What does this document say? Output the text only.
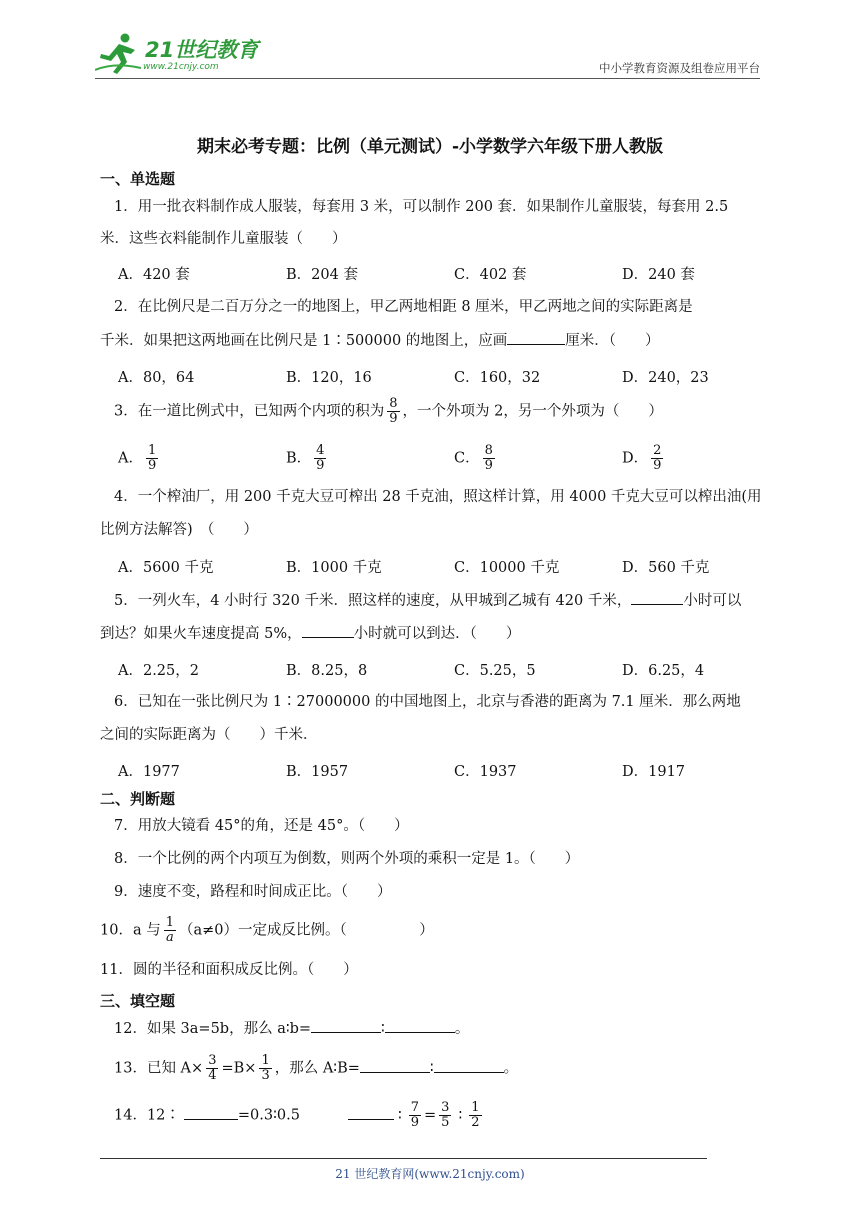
21世纪教育
www.21cnjy.com	中小学教育资源及组卷应用平台
期末必考专题：比例（单元测试）-小学数学六年级下册人教版
一、单选题
1．用一批衣料制作成人服装，每套用 3 米，可以制作 200 套．如果制作儿童服装，每套用 2.5
米．这些衣料能制作儿童服装（　　）
A．420 套	B．204 套	C．402 套	D．240 套
2．在比例尺是二百万分之一的地图上，甲乙两地相距 8 厘米，甲乙两地之间的实际距离是
千米．如果把这两地画在比例尺是 1∶500000 的地图上，应画	厘米．（　　）
A．80，64	B．120，16	C．160，32	D．240，23
3．在一道比例式中，已知两个内项的积为 $\frac{8}{9}$ ，一个外项为 2，另一个外项为（　　）
A． $\frac{1}{9}$	B． $\frac{4}{9}$	C． $\frac{8}{9}$	D． $\frac{2}{9}$
4．一个榨油厂，用 200 千克大豆可榨出 28 千克油，照这样计算，用 4000 千克大豆可以榨出油(用
比例方法解答)　（　　）
A．5600 千克	B．1000 千克	C．10000 千克	D．560 千克
5．一列火车，4 小时行 320 千米．照这样的速度，从甲城到乙城有 420 千米，	小时可以
到达？如果火车速度提高 5%，	小时就可以到达．（　　）
A．2.25，2	B．8.25，8	C．5.25，5	D．6.25，4
6．已知在一张比例尺为 1∶27000000 的中国地图上，北京与香港的距离为 7.1 厘米．那么两地
之间的实际距离为（　　）千米．
A．1977	B．1957	C．1937	D．1917
二、判断题
7．用放大镜看 45°的角，还是 45°。（　　）
8．一个比例的两个内项互为倒数，则两个外项的乘积一定是 1。（　　）
9．速度不变，路程和时间成正比。（　　）
10．a 与 $\frac{1}{a} (a\ne 0)$一定成反比例。（　　　　　）
11．圆的半径和面积成反比例。（　　）
三、填空题
12．如果 3a=5b，那么 a∶b=	∶	。
13．已知 $A\times \frac{3}{4} =B\times \frac{1}{3}$ ，那么 A∶B=	∶	。
14．12∶	=0.3∶0.5	∶ $\frac{7}{9} = \frac{3}{5}$ ∶ $\frac{1}{2}$
21 世纪教育网(www.21cnjy.com)
